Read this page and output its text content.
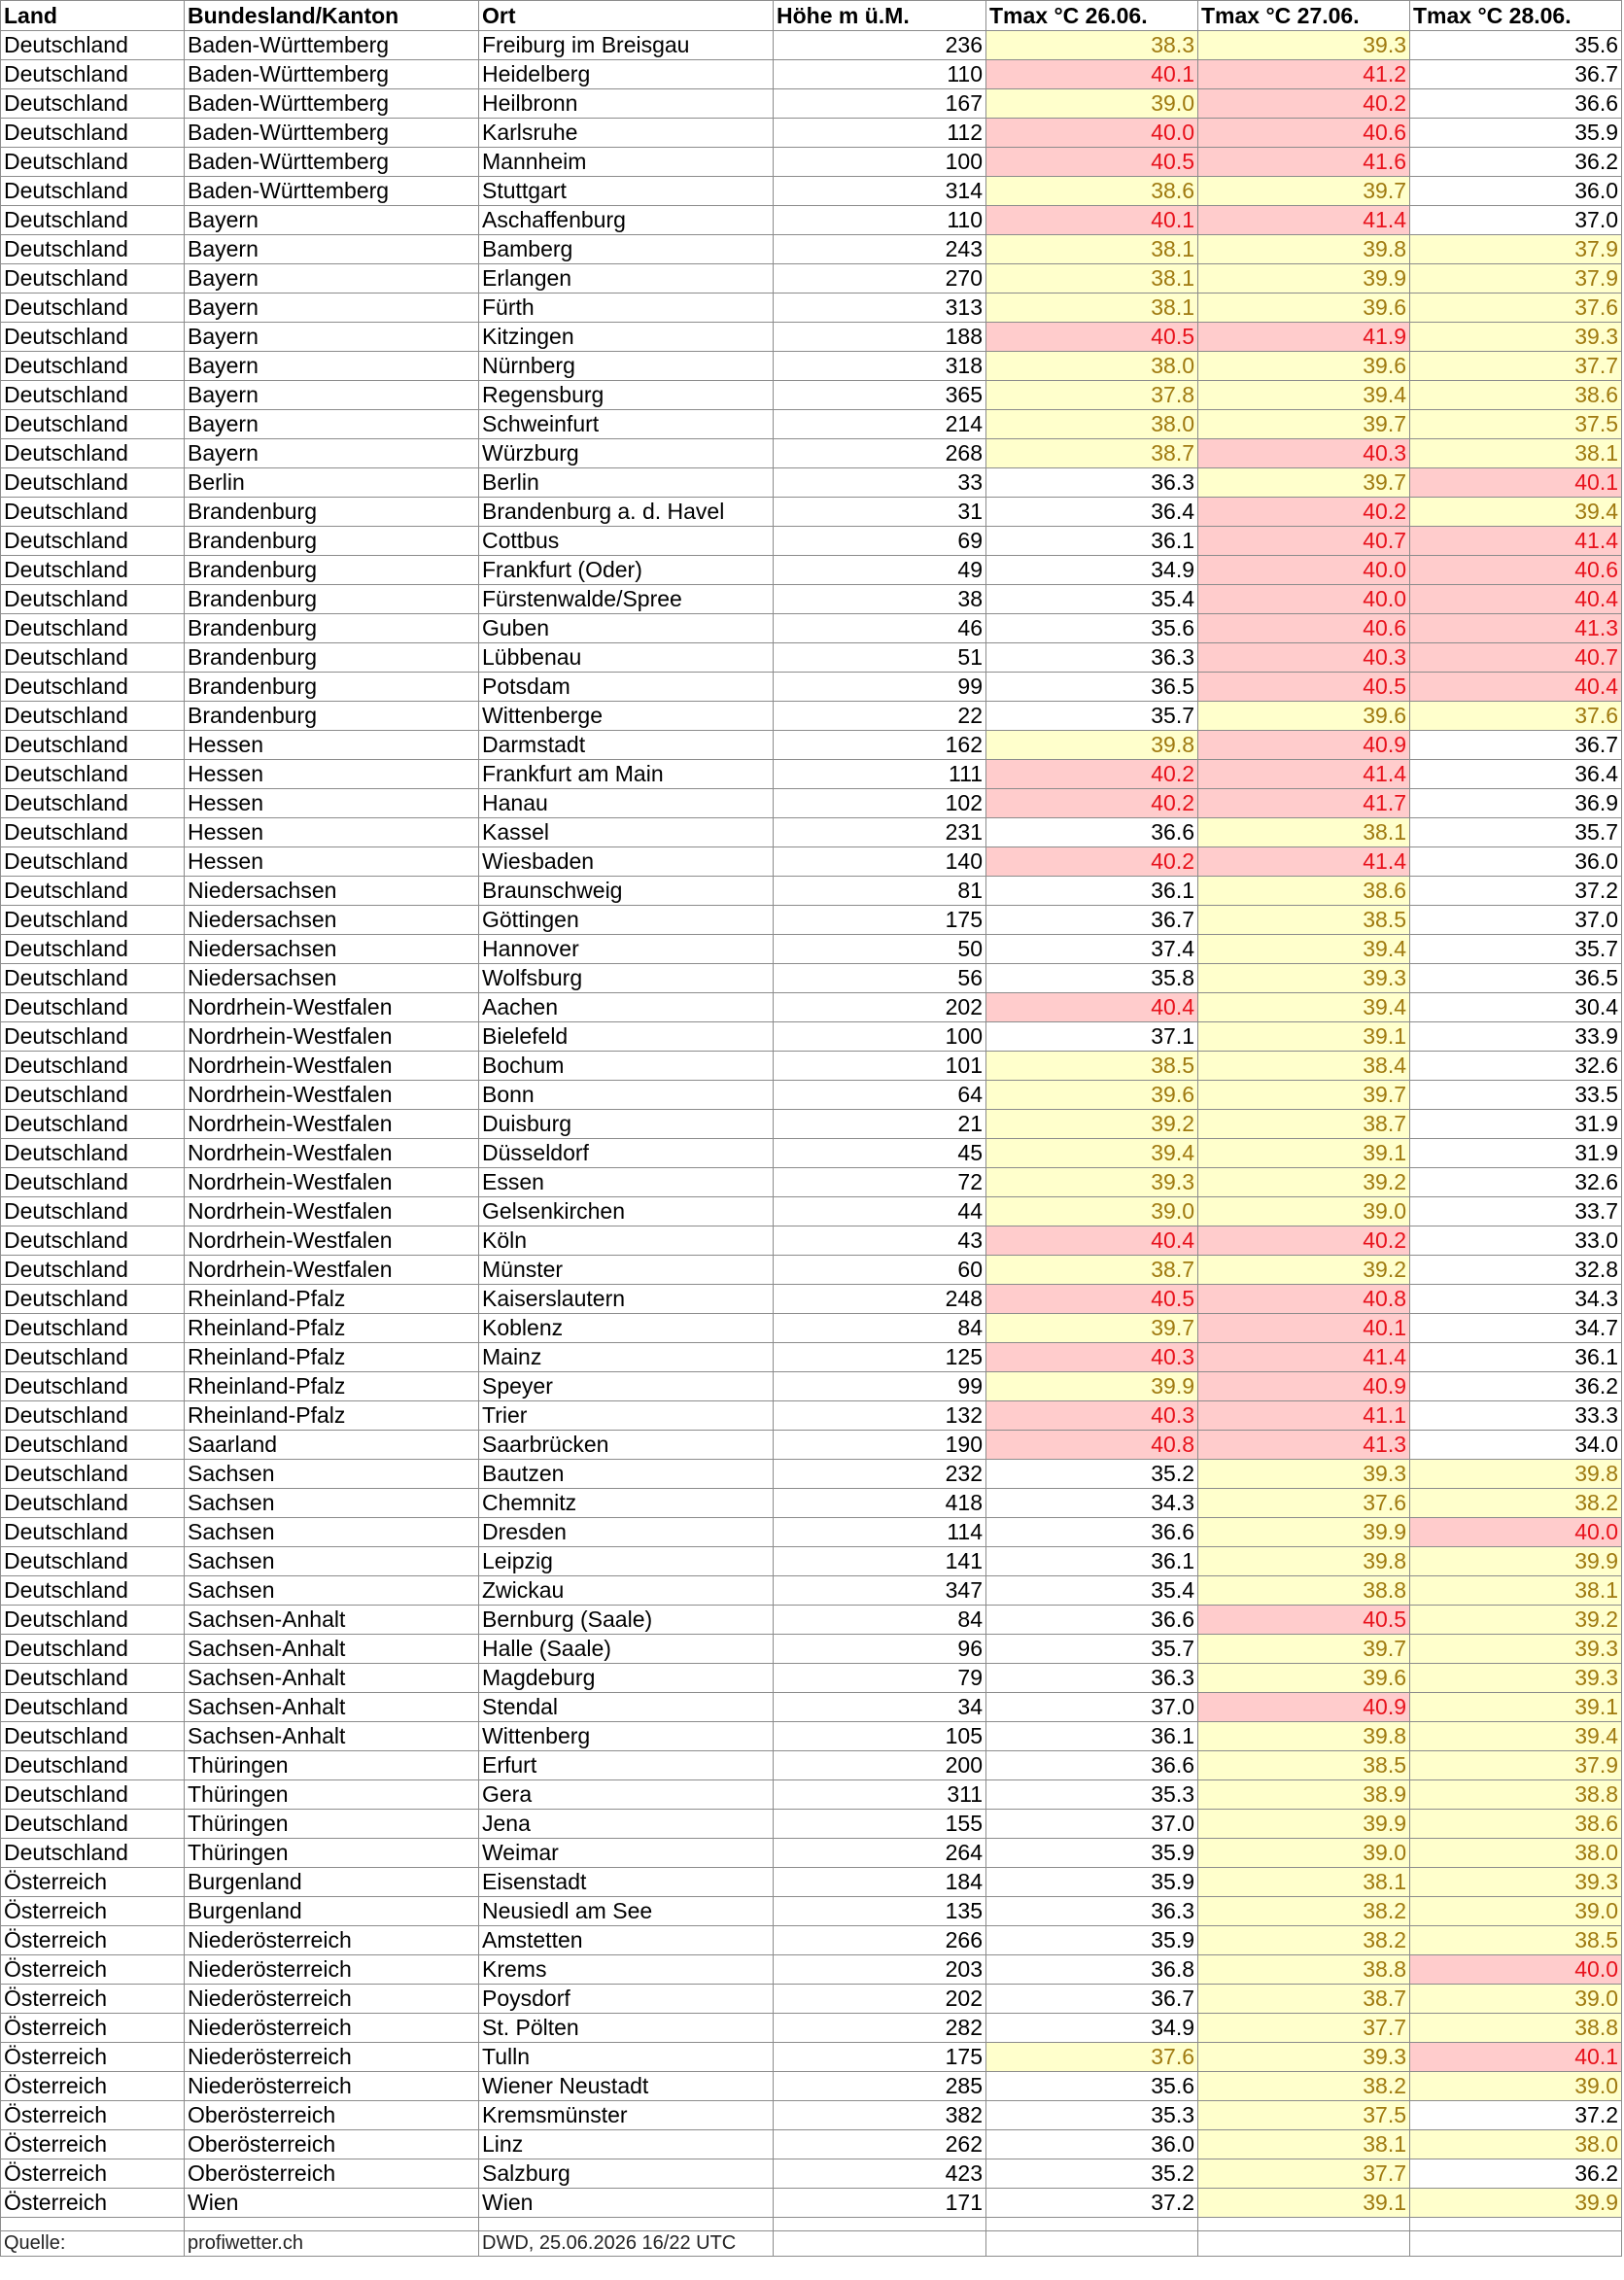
Land	Bundesland/Kanton	Ort	Höhe m ü.M.	Tmax °C 26.06.	Tmax °C 27.06.	Tmax °C 28.06.
Deutschland	Baden-Württemberg	Freiburg im Breisgau	236	38.3	39.3	35.6
Deutschland	Baden-Württemberg	Heidelberg	110	40.1	41.2	36.7
Deutschland	Baden-Württemberg	Heilbronn	167	39.0	40.2	36.6
Deutschland	Baden-Württemberg	Karlsruhe	112	40.0	40.6	35.9
Deutschland	Baden-Württemberg	Mannheim	100	40.5	41.6	36.2
Deutschland	Baden-Württemberg	Stuttgart	314	38.6	39.7	36.0
Deutschland	Bayern	Aschaffenburg	110	40.1	41.4	37.0
Deutschland	Bayern	Bamberg	243	38.1	39.8	37.9
Deutschland	Bayern	Erlangen	270	38.1	39.9	37.9
Deutschland	Bayern	Fürth	313	38.1	39.6	37.6
Deutschland	Bayern	Kitzingen	188	40.5	41.9	39.3
Deutschland	Bayern	Nürnberg	318	38.0	39.6	37.7
Deutschland	Bayern	Regensburg	365	37.8	39.4	38.6
Deutschland	Bayern	Schweinfurt	214	38.0	39.7	37.5
Deutschland	Bayern	Würzburg	268	38.7	40.3	38.1
Deutschland	Berlin	Berlin	33	36.3	39.7	40.1
Deutschland	Brandenburg	Brandenburg a. d. Havel	31	36.4	40.2	39.4
Deutschland	Brandenburg	Cottbus	69	36.1	40.7	41.4
Deutschland	Brandenburg	Frankfurt (Oder)	49	34.9	40.0	40.6
Deutschland	Brandenburg	Fürstenwalde/Spree	38	35.4	40.0	40.4
Deutschland	Brandenburg	Guben	46	35.6	40.6	41.3
Deutschland	Brandenburg	Lübbenau	51	36.3	40.3	40.7
Deutschland	Brandenburg	Potsdam	99	36.5	40.5	40.4
Deutschland	Brandenburg	Wittenberge	22	35.7	39.6	37.6
Deutschland	Hessen	Darmstadt	162	39.8	40.9	36.7
Deutschland	Hessen	Frankfurt am Main	111	40.2	41.4	36.4
Deutschland	Hessen	Hanau	102	40.2	41.7	36.9
Deutschland	Hessen	Kassel	231	36.6	38.1	35.7
Deutschland	Hessen	Wiesbaden	140	40.2	41.4	36.0
Deutschland	Niedersachsen	Braunschweig	81	36.1	38.6	37.2
Deutschland	Niedersachsen	Göttingen	175	36.7	38.5	37.0
Deutschland	Niedersachsen	Hannover	50	37.4	39.4	35.7
Deutschland	Niedersachsen	Wolfsburg	56	35.8	39.3	36.5
Deutschland	Nordrhein-Westfalen	Aachen	202	40.4	39.4	30.4
Deutschland	Nordrhein-Westfalen	Bielefeld	100	37.1	39.1	33.9
Deutschland	Nordrhein-Westfalen	Bochum	101	38.5	38.4	32.6
Deutschland	Nordrhein-Westfalen	Bonn	64	39.6	39.7	33.5
Deutschland	Nordrhein-Westfalen	Duisburg	21	39.2	38.7	31.9
Deutschland	Nordrhein-Westfalen	Düsseldorf	45	39.4	39.1	31.9
Deutschland	Nordrhein-Westfalen	Essen	72	39.3	39.2	32.6
Deutschland	Nordrhein-Westfalen	Gelsenkirchen	44	39.0	39.0	33.7
Deutschland	Nordrhein-Westfalen	Köln	43	40.4	40.2	33.0
Deutschland	Nordrhein-Westfalen	Münster	60	38.7	39.2	32.8
Deutschland	Rheinland-Pfalz	Kaiserslautern	248	40.5	40.8	34.3
Deutschland	Rheinland-Pfalz	Koblenz	84	39.7	40.1	34.7
Deutschland	Rheinland-Pfalz	Mainz	125	40.3	41.4	36.1
Deutschland	Rheinland-Pfalz	Speyer	99	39.9	40.9	36.2
Deutschland	Rheinland-Pfalz	Trier	132	40.3	41.1	33.3
Deutschland	Saarland	Saarbrücken	190	40.8	41.3	34.0
Deutschland	Sachsen	Bautzen	232	35.2	39.3	39.8
Deutschland	Sachsen	Chemnitz	418	34.3	37.6	38.2
Deutschland	Sachsen	Dresden	114	36.6	39.9	40.0
Deutschland	Sachsen	Leipzig	141	36.1	39.8	39.9
Deutschland	Sachsen	Zwickau	347	35.4	38.8	38.1
Deutschland	Sachsen-Anhalt	Bernburg (Saale)	84	36.6	40.5	39.2
Deutschland	Sachsen-Anhalt	Halle (Saale)	96	35.7	39.7	39.3
Deutschland	Sachsen-Anhalt	Magdeburg	79	36.3	39.6	39.3
Deutschland	Sachsen-Anhalt	Stendal	34	37.0	40.9	39.1
Deutschland	Sachsen-Anhalt	Wittenberg	105	36.1	39.8	39.4
Deutschland	Thüringen	Erfurt	200	36.6	38.5	37.9
Deutschland	Thüringen	Gera	311	35.3	38.9	38.8
Deutschland	Thüringen	Jena	155	37.0	39.9	38.6
Deutschland	Thüringen	Weimar	264	35.9	39.0	38.0
Österreich	Burgenland	Eisenstadt	184	35.9	38.1	39.3
Österreich	Burgenland	Neusiedl am See	135	36.3	38.2	39.0
Österreich	Niederösterreich	Amstetten	266	35.9	38.2	38.5
Österreich	Niederösterreich	Krems	203	36.8	38.8	40.0
Österreich	Niederösterreich	Poysdorf	202	36.7	38.7	39.0
Österreich	Niederösterreich	St. Pölten	282	34.9	37.7	38.8
Österreich	Niederösterreich	Tulln	175	37.6	39.3	40.1
Österreich	Niederösterreich	Wiener Neustadt	285	35.6	38.2	39.0
Österreich	Oberösterreich	Kremsmünster	382	35.3	37.5	37.2
Österreich	Oberösterreich	Linz	262	36.0	38.1	38.0
Österreich	Oberösterreich	Salzburg	423	35.2	37.7	36.2
Österreich	Wien	Wien	171	37.2	39.1	39.9

Quelle:	profiwetter.ch	DWD, 25.06.2026 16/22 UTC				
